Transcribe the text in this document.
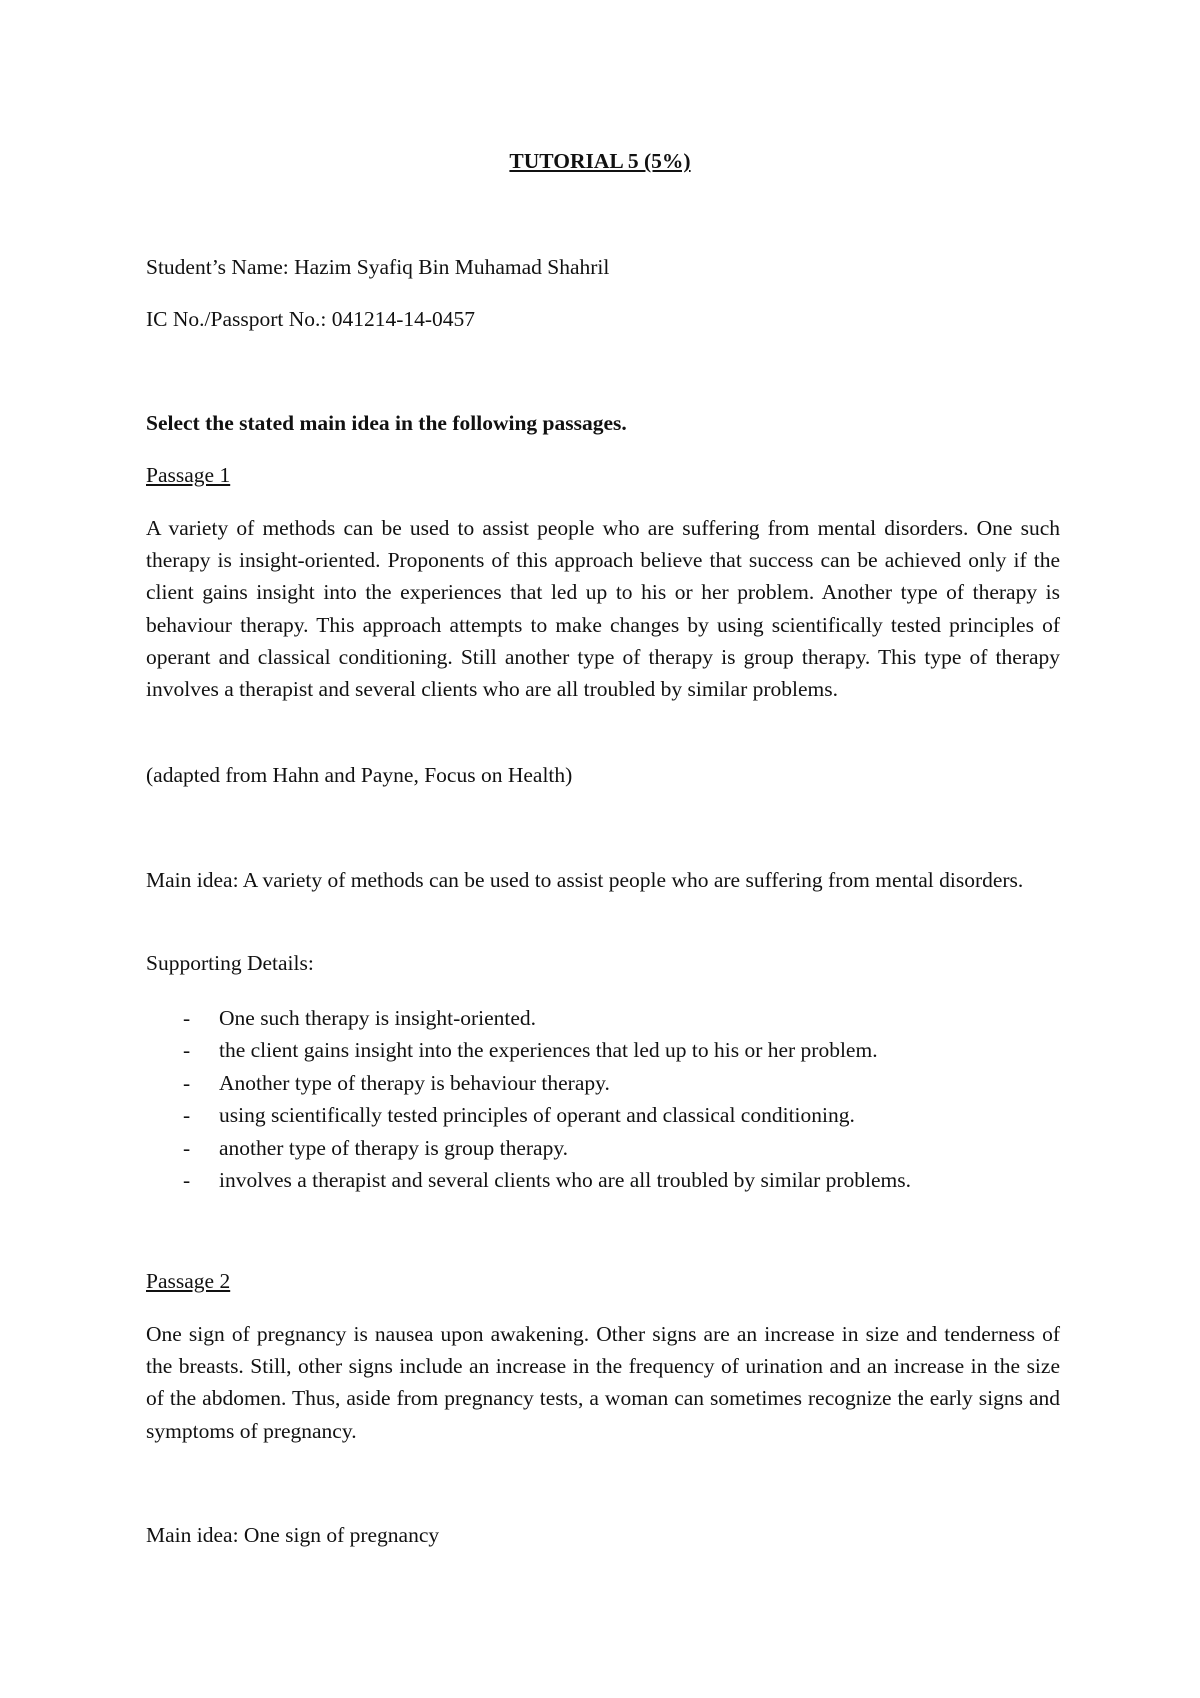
TUTORIAL 5 (5%)
Student’s Name: Hazim Syafiq Bin Muhamad Shahril
IC No./Passport No.: 041214-14-0457
Select the stated main idea in the following passages.
Passage 1
A variety of methods can be used to assist people who are suffering from mental disorders. One such therapy is insight-oriented. Proponents of this approach believe that success can be achieved only if the client gains insight into the experiences that led up to his or her problem. Another type of therapy is behaviour therapy. This approach attempts to make changes by using scientifically tested principles of operant and classical conditioning. Still another type of therapy is group therapy. This type of therapy involves a therapist and several clients who are all troubled by similar problems.
(adapted from Hahn and Payne, Focus on Health)
Main idea: A variety of methods can be used to assist people who are suffering from mental disorders.
Supporting Details:
- One such therapy is insight-oriented.
- the client gains insight into the experiences that led up to his or her problem.
- Another type of therapy is behaviour therapy.
- using scientifically tested principles of operant and classical conditioning.
- another type of therapy is group therapy.
- involves a therapist and several clients who are all troubled by similar problems.
Passage 2
One sign of pregnancy is nausea upon awakening. Other signs are an increase in size and tenderness of the breasts. Still, other signs include an increase in the frequency of urination and an increase in the size of the abdomen. Thus, aside from pregnancy tests, a woman can sometimes recognize the early signs and symptoms of pregnancy.
Main idea: One sign of pregnancy
